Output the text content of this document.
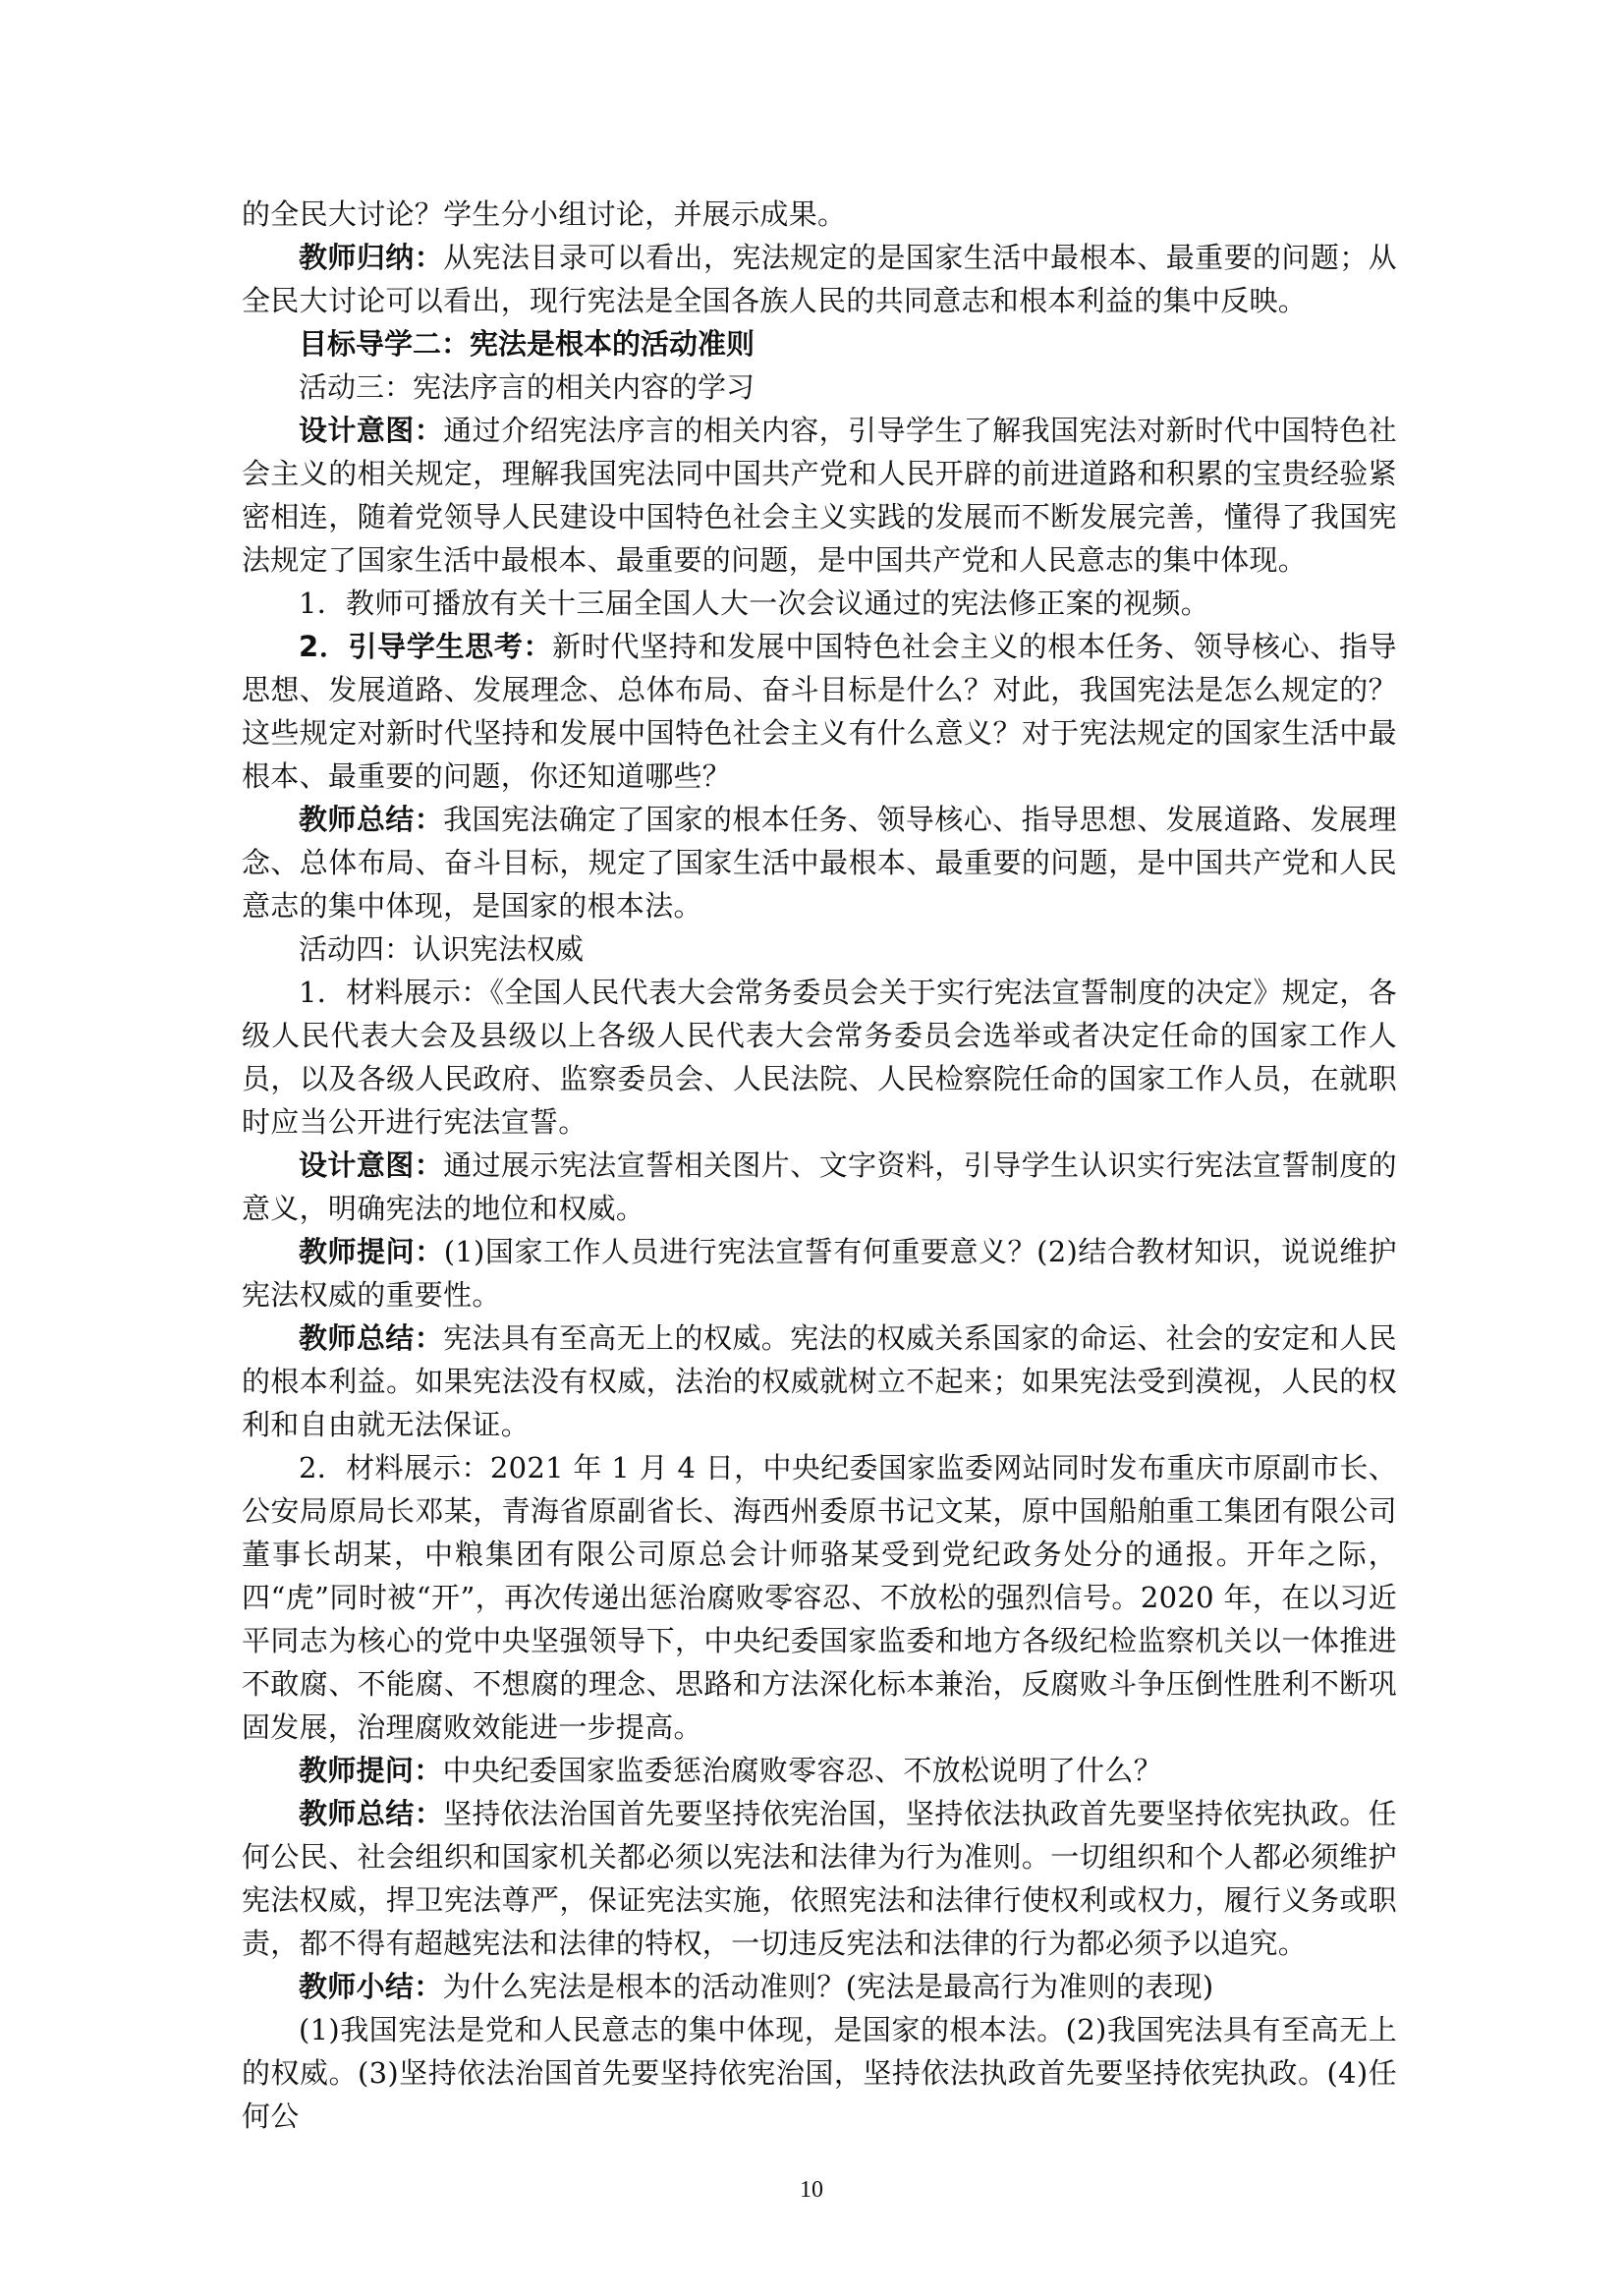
的全民大讨论？学生分小组讨论，并展示成果。

教师归纳：从宪法目录可以看出，宪法规定的是国家生活中最根本、最重要的问题；从全民大讨论可以看出，现行宪法是全国各族人民的共同意志和根本利益的集中反映。

目标导学二：宪法是根本的活动准则

活动三：宪法序言的相关内容的学习

设计意图：通过介绍宪法序言的相关内容，引导学生了解我国宪法对新时代中国特色社会主义的相关规定，理解我国宪法同中国共产党和人民开辟的前进道路和积累的宝贵经验紧密相连，随着党领导人民建设中国特色社会主义实践的发展而不断发展完善，懂得了我国宪法规定了国家生活中最根本、最重要的问题，是中国共产党和人民意志的集中体现。

1．教师可播放有关十三届全国人大一次会议通过的宪法修正案的视频。

2．引导学生思考：新时代坚持和发展中国特色社会主义的根本任务、领导核心、指导思想、发展道路、发展理念、总体布局、奋斗目标是什么？对此，我国宪法是怎么规定的？这些规定对新时代坚持和发展中国特色社会主义有什么意义？对于宪法规定的国家生活中最根本、最重要的问题，你还知道哪些？

教师总结：我国宪法确定了国家的根本任务、领导核心、指导思想、发展道路、发展理念、总体布局、奋斗目标，规定了国家生活中最根本、最重要的问题，是中国共产党和人民意志的集中体现，是国家的根本法。

活动四：认识宪法权威

1．材料展示：《全国人民代表大会常务委员会关于实行宪法宣誓制度的决定》规定，各级人民代表大会及县级以上各级人民代表大会常务委员会选举或者决定任命的国家工作人员，以及各级人民政府、监察委员会、人民法院、人民检察院任命的国家工作人员，在就职时应当公开进行宪法宣誓。

设计意图：通过展示宪法宣誓相关图片、文字资料，引导学生认识实行宪法宣誓制度的意义，明确宪法的地位和权威。

教师提问：(1)国家工作人员进行宪法宣誓有何重要意义？(2)结合教材知识，说说维护宪法权威的重要性。

教师总结：宪法具有至高无上的权威。宪法的权威关系国家的命运、社会的安定和人民的根本利益。如果宪法没有权威，法治的权威就树立不起来；如果宪法受到漠视，人民的权利和自由就无法保证。

2．材料展示：2021 年 1 月 4 日，中央纪委国家监委网站同时发布重庆市原副市长、公安局原局长邓某，青海省原副省长、海西州委原书记文某，原中国船舶重工集团有限公司董事长胡某，中粮集团有限公司原总会计师骆某受到党纪政务处分的通报。开年之际，四“虎”同时被“开”，再次传递出惩治腐败零容忍、不放松的强烈信号。2020 年，在以习近平同志为核心的党中央坚强领导下，中央纪委国家监委和地方各级纪检监察机关以一体推进不敢腐、不能腐、不想腐的理念、思路和方法深化标本兼治，反腐败斗争压倒性胜利不断巩固发展，治理腐败效能进一步提高。

教师提问：中央纪委国家监委惩治腐败零容忍、不放松说明了什么？

教师总结：坚持依法治国首先要坚持依宪治国，坚持依法执政首先要坚持依宪执政。任何公民、社会组织和国家机关都必须以宪法和法律为行为准则。一切组织和个人都必须维护宪法权威，捍卫宪法尊严，保证宪法实施，依照宪法和法律行使权利或权力，履行义务或职责，都不得有超越宪法和法律的特权，一切违反宪法和法律的行为都必须予以追究。

教师小结：为什么宪法是根本的活动准则？(宪法是最高行为准则的表现)

(1)我国宪法是党和人民意志的集中体现，是国家的根本法。(2)我国宪法具有至高无上的权威。(3)坚持依法治国首先要坚持依宪治国，坚持依法执政首先要坚持依宪执政。(4)任何公

10
